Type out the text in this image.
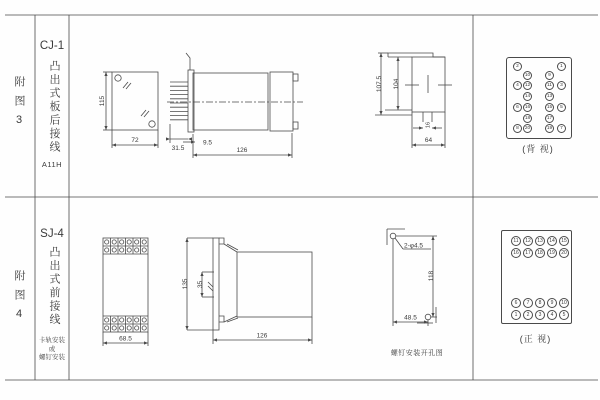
附图3
CJ-1
凸出式板后接线
A11H
115
72	9.5
31.5	126
107.5 104
16
64
2	1
10	9
4	12	11	3
14	13
6	16	15	5
18	17
8	20	19	7
(背 视)
附图4
SJ-4
凸出式前接线
卡轨安装
或
螺钉安装
68.5
135 35
126
2-φ4.5
118
48.5
螺钉安装开孔图
11	12	13	14	15
16	17	18	19	20
6	7	8	9	10
1	2	3	4	5
(正 视)
